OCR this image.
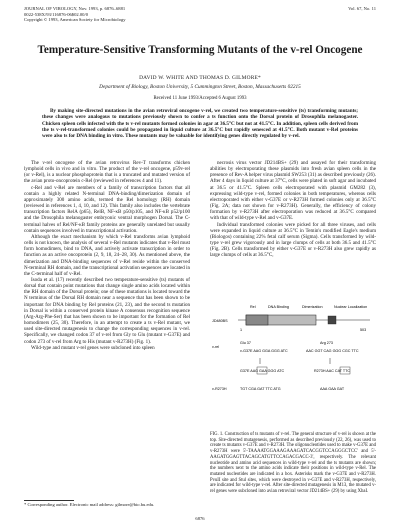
JOURNAL OF VIROLOGY, Nov. 1993, p. 6876–6881
0022-538X/93/116876-06$02.00/0
Copyright © 1993, American Society for Microbiology
Vol. 67, No. 11
Temperature-Sensitive Transforming Mutants of the v-rel Oncogene
DAVID W. WHITE AND THOMAS D. GILMORE*
Department of Biology, Boston University, 5 Cummington Street, Boston, Massachusetts 02215
Received 11 June 1993/Accepted 6 August 1993
By making site-directed mutations in the avian retroviral oncogene v-rel, we created two temperature-sensitive (ts) transforming mutants; these changes were analogous to mutations previously shown to confer a ts function onto the Dorsal protein of Drosophila melanogaster. Chicken spleen cells infected with the ts v-rel mutants formed colonies in agar at 36.5°C but not at 41.5°C. In addition, spleen cells derived from the ts v-rel-transformed colonies could be propagated in liquid culture at 36.5°C but rapidly senesced at 41.5°C. Both mutant v-Rel proteins were also ts for DNA binding in vitro. These mutants may be valuable for identifying genes directly regulated by v-rel.

The v-rel oncogene of the avian retrovirus Rev-T transforms chicken lymphoid cells in vivo and in vitro. The product of the v-rel oncogene, p59v-rel (or v-Rel), is a nuclear phosphoprotein that is a truncated and mutated version of the avian proto-oncoprotein c-Rel (reviewed in references 4 and 11).

c-Rel and v-Rel are members of a family of transcription factors that all contain a highly related N-terminal DNA-binding/dimerization domain of approximately 300 amino acids, termed the Rel homology (RH) domain (reviewed in references 1, 4, 10, and 12). This family also includes the vertebrate transcription factors RelA (p65), RelB, NF-κB p50/p105, and NF-κB p52/p100 and the Drosophila melanogaster embryonic ventral morphogen Dorsal. The C-terminal halves of Rel/NF-κB family proteins are generally unrelated but usually contain sequences involved in transcriptional activation.

Although the exact mechanism by which v-Rel transforms avian lymphoid cells is not known, the analysis of several v-Rel mutants indicates that v-Rel must form homodimers, bind to DNA, and actively activate transcription in order to function as an active oncoprotein (2, 9, 18, 24–28, 30). As mentioned above, the dimerization and DNA-binding sequences of v-Rel reside within the conserved N-terminal RH domain, and the transcriptional activation sequences are located in the C-terminal half of v-Rel.

Isoda et al. (17) recently described two temperature-sensitive (ts) mutants of dorsal that contain point mutations that change single amino acids located within the RH domain of the Dorsal protein; one of these mutations is located toward the N terminus of the Dorsal RH domain near a sequence that has been shown to be important for DNA binding by Rel proteins (21, 23), and the second ts mutation in Dorsal is within a conserved protein kinase A consensus recognition sequence (Arg-Arg-Phe-Ser) that has been shown to be important for the formation of Rel homodimers (25, 30). Therefore, in an attempt to create a ts v-Rel mutant, we used site-directed mutagenesis to change the corresponding sequences in v-rel. Specifically, we changed codon 37 of v-rel from Gly to Glu (mutant v-G37E) and codon 273 of v-rel from Arg to His (mutant v-R273H) (Fig. 1).

Wild-type and mutant v-rel genes were subcloned into spleen

necrosis virus vector JD214BS+ (29) and assayed for their transforming abilities by electroporating these plasmids into fresh avian spleen cells in the presence of Rev-A helper virus plasmid SW253 (31) as described previously (26). After 4 days in liquid culture at 37°C, cells were plated in soft agar and incubated at 36.5 or 41.5°C. Spleen cells electroporated with plasmid GM282 (3), expressing wild-type v-rel, formed colonies in both temperatures, whereas cells electroporated with either v-G37E or v-R273H formed colonies only at 36.5°C (Fig. 2A; data not shown for v-R273H). Generally, the efficiency of colony formation by v-R273H after electroporation was reduced at 36.5°C compared with that of wild-type v-Rel and v-G37E.

Individual transformed colonies were picked for all three viruses, and cells were expanded in liquid culture at 36.5°C in Temin's modified Eagle's medium (Biologos) containing 22% fetal calf serum (Sigma). Cells transformed by wild-type v-rel grew vigorously and in large clumps of cells at both 36.5 and 41.5°C (Fig. 2B). Cells transformed by either v-G37E or v-R273H also grew rapidly as large clumps of cells at 36.5°C,

Rel	DNA Binding	Dimerization	Nuclear Localization
JD480BS
1	503
v-rel
Glu 37	Arg 273
v-G37E AAG GGA GGG ATC	AAC GGT CAG GGG CGC TTC
G37E AAG GAA GGG ATC	R273H AAC CAT TTC
v-R273H	TGT CGA GAT TTC ATG	AAA GAA GAT
FIG. 1. Construction of ts mutants of v-rel. The general structure of v-rel is shown at the top. Site-directed mutagenesis, performed as described previously (22, 26), was used to create ts mutants v-G37E and v-R273H. The oligonucleotides used to make v-G37E and v-R273H were 5'-TAAAATGGAAAGAAAGATCACGGTCCAGGGCTCC' and 5'-AAGATGGAGTTACAGCATGTTCCAGACGACC-3', respectively. The relevant nucleotide and amino acid sequences in wild-type v-rel and the ts mutants are shown; the numbers next to the amino acids indicate their positions in wild-type v-Rel. The mutated nucleotides are indicated in a box. Asterisks mark the v-G37E and v-R273H. PvuII site and Stul sites, which were destroyed in v-G37E and v-R273H, respectively, are indicated for wild-type v-rel. After site-directed mutagenesis in M13, the mutated v-rel genes were subcloned into avian retroviral vector JD214BS+ (29) by using XbaI.
* Corresponding author. Electronic mail address: gilmore@bio.bu.edu.
6876
